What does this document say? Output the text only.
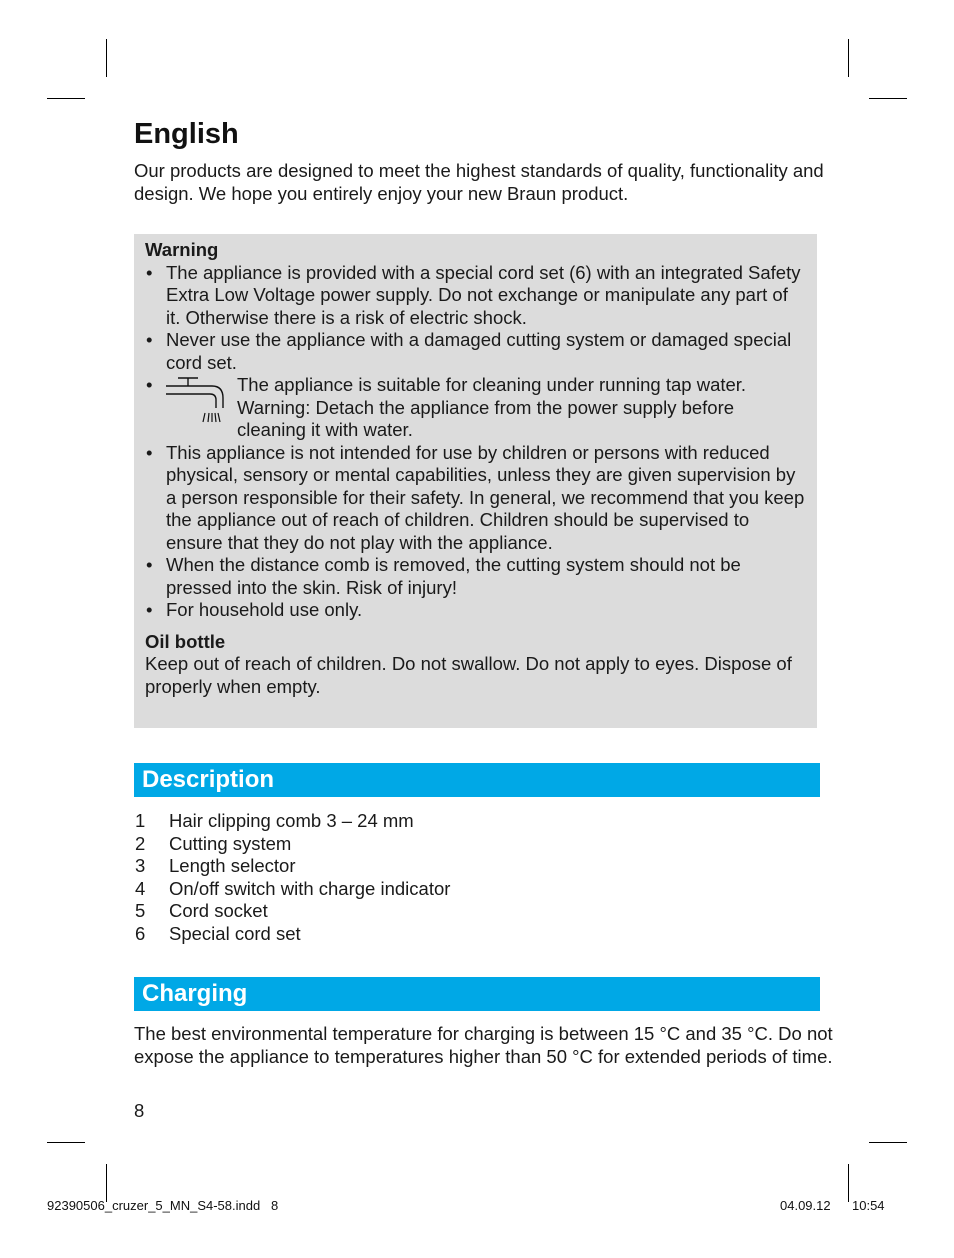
English

Our products are designed to meet the highest standards of quality, functionality and design. We hope you entirely enjoy your new Braun product.

Warning
• The appliance is provided with a special cord set (6) with an integrated Safety Extra Low Voltage power supply. Do not exchange or manipulate any part of it. Otherwise there is a risk of electric shock.
• Never use the appliance with a damaged cutting system or damaged special cord set.
•	The appliance is suitable for cleaning under running tap water. Warning: Detach the appliance from the power supply before cleaning it with water.
• This appliance is not intended for use by children or persons with reduced physical, sensory or mental capabilities, unless they are given supervision by a person responsible for their safety. In general, we recommend that you keep the appliance out of reach of children. Children should be supervised to ensure that they do not play with the appliance.
• When the distance comb is removed, the cutting system should not be pressed into the skin. Risk of injury!
• For household use only.
Oil bottle

Keep out of reach of children. Do not swallow. Do not apply to eyes. Dispose of properly when empty.

Description
1 Hair clipping comb 3 – 24 mm
2 Cutting system
3 Length selector
4 On/off switch with charge indicator
5 Cord socket
6 Special cord set
Charging

The best environmental temperature for charging is between 15 °C and 35 °C. Do not expose the appliance to temperatures higher than 50 °C for extended periods of time.

8
92390506_cruzer_5_MN_S4-58.indd   8	04.09.12 10:54
